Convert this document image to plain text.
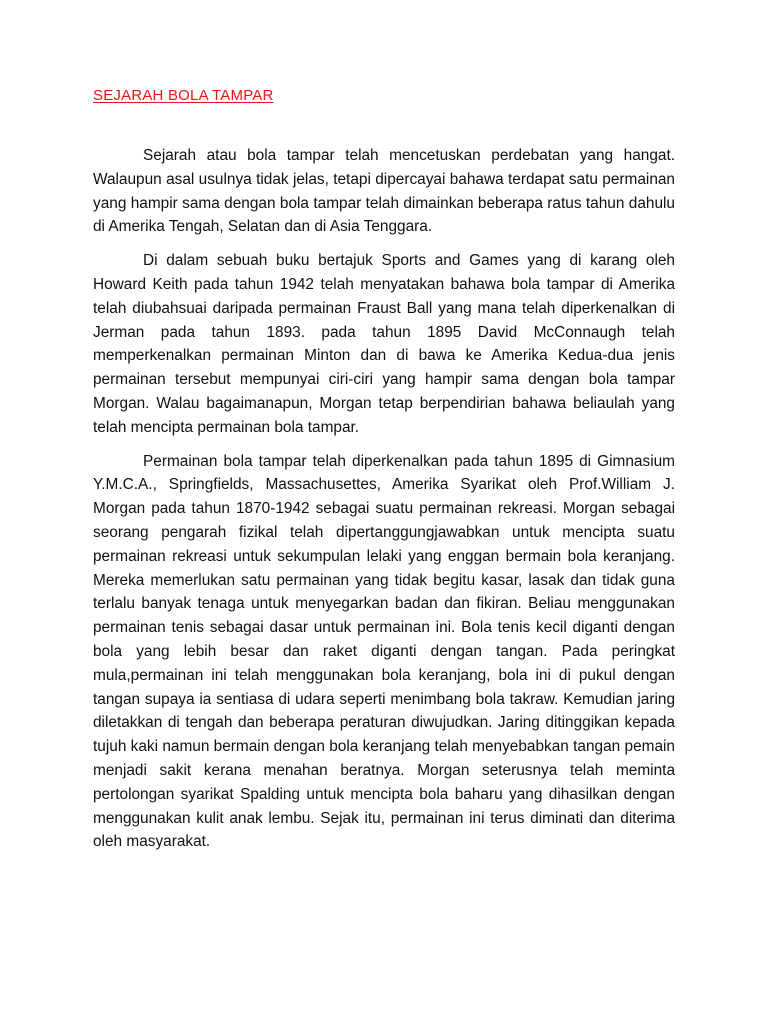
SEJARAH BOLA TAMPAR

Sejarah atau bola tampar telah mencetuskan perdebatan yang hangat. Walaupun asal usulnya tidak jelas, tetapi dipercayai bahawa terdapat satu permainan yang hampir sama dengan bola tampar telah dimainkan beberapa ratus tahun dahulu di Amerika Tengah, Selatan dan di Asia Tenggara.

Di dalam sebuah buku bertajuk Sports and Games yang di karang oleh Howard Keith pada tahun 1942 telah menyatakan bahawa bola tampar di Amerika telah diubahsuai daripada permainan Fraust Ball yang mana telah diperkenalkan di Jerman pada tahun 1893. pada tahun 1895 David McConnaugh telah memperkenalkan permainan Minton dan di bawa ke Amerika Kedua-dua jenis permainan tersebut mempunyai ciri-ciri yang hampir sama dengan bola tampar Morgan. Walau bagaimanapun, Morgan tetap berpendirian bahawa beliaulah yang telah mencipta permainan bola tampar.

Permainan bola tampar telah diperkenalkan pada tahun 1895 di Gimnasium Y.M.C.A., Springfields, Massachusettes, Amerika Syarikat oleh Prof.William J. Morgan pada tahun 1870-1942 sebagai suatu permainan rekreasi. Morgan sebagai seorang pengarah fizikal telah dipertanggungjawabkan untuk mencipta suatu permainan rekreasi untuk sekumpulan lelaki yang enggan bermain bola keranjang. Mereka memerlukan satu permainan yang tidak begitu kasar, lasak dan tidak guna terlalu banyak tenaga untuk menyegarkan badan dan fikiran. Beliau menggunakan permainan tenis sebagai dasar untuk permainan ini. Bola tenis kecil diganti dengan bola yang lebih besar dan raket diganti dengan tangan. Pada peringkat mula,permainan ini telah menggunakan bola keranjang, bola ini di pukul dengan tangan supaya ia sentiasa di udara seperti menimbang bola takraw. Kemudian jaring diletakkan di tengah dan beberapa peraturan diwujudkan. Jaring ditinggikan kepada tujuh kaki namun bermain dengan bola keranjang telah menyebabkan tangan pemain menjadi sakit kerana menahan beratnya. Morgan seterusnya telah meminta pertolongan syarikat Spalding untuk mencipta bola baharu yang dihasilkan dengan menggunakan kulit anak lembu. Sejak itu, permainan ini terus diminati dan diterima oleh masyarakat.
